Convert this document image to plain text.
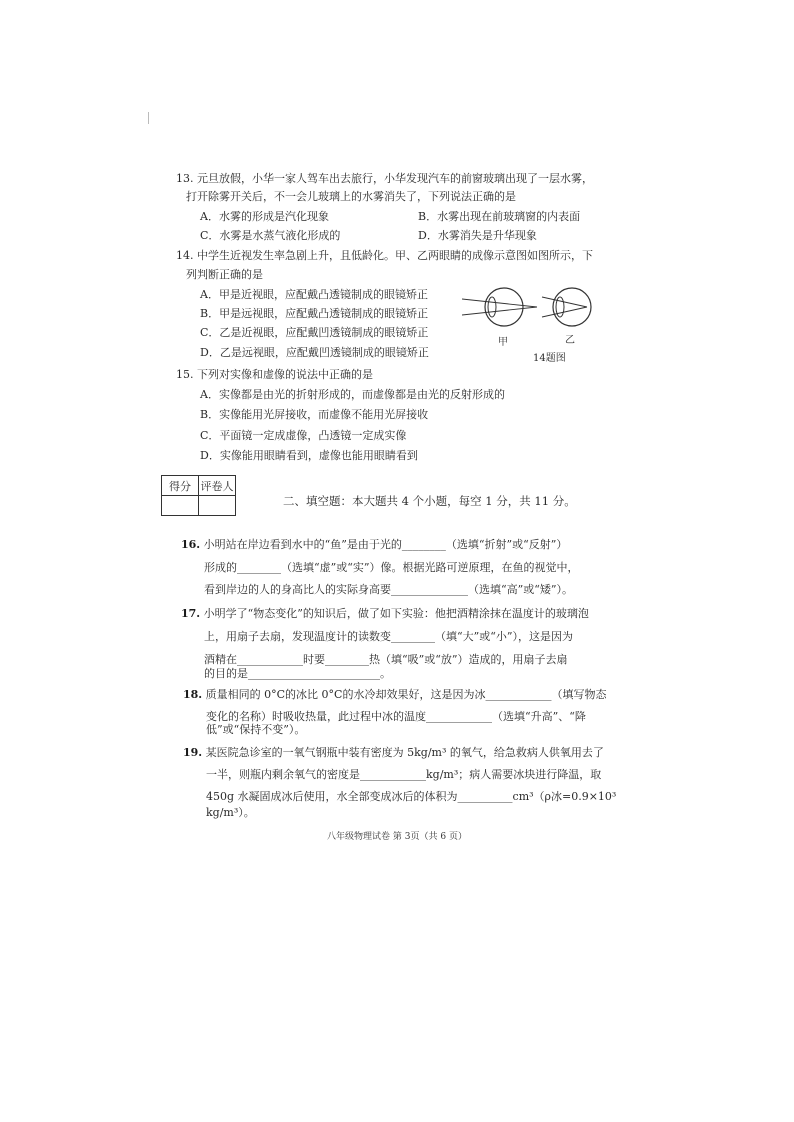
13. 元旦放假，小华一家人驾车出去旅行，小华发现汽车的前窗玻璃出现了一层水雾，
打开除雾开关后，不一会儿玻璃上的水雾消失了，下列说法正确的是
A．水雾的形成是汽化现象	B．水雾出现在前玻璃窗的内表面
C．水雾是水蒸气液化形成的	D．水雾消失是升华现象
14. 中学生近视发生率急剧上升，且低龄化。甲、乙两眼睛的成像示意图如图所示，下
列判断正确的是
A．甲是近视眼，应配戴凸透镜制成的眼镜矫正
B．甲是远视眼，应配戴凸透镜制成的眼镜矫正
C．乙是近视眼，应配戴凹透镜制成的眼镜矫正
D．乙是远视眼，应配戴凹透镜制成的眼镜矫正
甲	乙
14题图
15. 下列对实像和虚像的说法中正确的是
A．实像都是由光的折射形成的，而虚像都是由光的反射形成的
B．实像能用光屏接收，而虚像不能用光屏接收
C．平面镜一定成虚像，凸透镜一定成实像
D．实像能用眼睛看到，虚像也能用眼睛看到
得分	评卷人

二、填空题：本大题共 4 个小题，每空 1 分，共 11 分。
16. 小明站在岸边看到水中的“鱼”是由于光的________（选填“折射”或“反射”）
形成的________（选填“虚”或“实”）像。根据光路可逆原理，在鱼的视觉中，
看到岸边的人的身高比人的实际身高要______________（选填“高”或“矮”）。
17. 小明学了“物态变化”的知识后，做了如下实验：他把酒精涂抹在温度计的玻璃泡
上，用扇子去扇，发现温度计的读数变________（填“大”或“小”），这是因为
酒精在____________时要________热（填“吸”或“放”）造成的，用扇子去扇
的目的是________________________。
18. 质量相同的 0°C的冰比 0°C的水冷却效果好，这是因为冰____________（填写物态
变化的名称）时吸收热量，此过程中冰的温度____________（选填“升高”、“降
低”或“保持不变”）。
19. 某医院急诊室的一氧气钢瓶中装有密度为 5kg/m³ 的氧气，给急救病人供氧用去了
一半，则瓶内剩余氧气的密度是____________kg/m³；病人需要冰块进行降温，取
450g 水凝固成冰后使用，水全部变成冰后的体积为__________cm³（ρ冰=0.9×10³
kg/m³）。
八年级物理试卷 第 3页（共 6 页）
